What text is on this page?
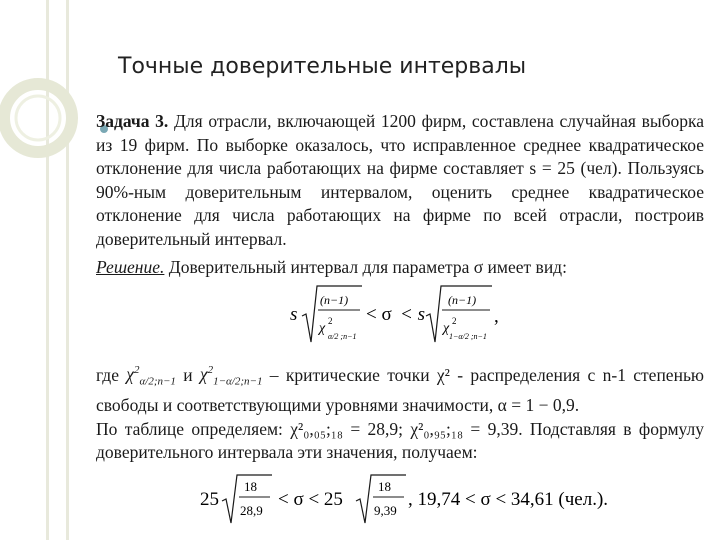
Точные доверительные интервалы
Задача 3. Для отрасли, включающей 1200 фирм, составлена случайная выборка из 19 фирм. По выборке оказалось, что исправленное среднее квадратическое отклонение для числа работающих на фирме составляет s = 25 (чел). Пользуясь 90%-ным доверительным интервалом, оценить среднее квадратическое отклонение для числа работающих на фирме по всей отрасли, построив доверительный интервал.
Решение. Доверительный интервал для параметра σ имеет вид:
s
(n−1)
χ 2
α/2 ;n−1
< σ < s
(n−1)
χ 2
1−α/2 ;n−1
,

где $\chi^2_{\alpha/2;n-1}$ и $\chi^2_{1-\alpha/2;n-1}$ – критические точки χ² - распределения с n-1 степенью свободы и соответствующими уровнями значимости, α = 1 − 0,9.

По таблице определяем: χ²₀,₀₅;₁₈ = 28,9; χ²₀,₉₅;₁₈ = 9,39. Подставляя в формулу доверительного интервала эти значения, получаем:

25
18
28,9
< σ < 25
18
9,39
, 19,74 < σ < 34,61 (чел.).
